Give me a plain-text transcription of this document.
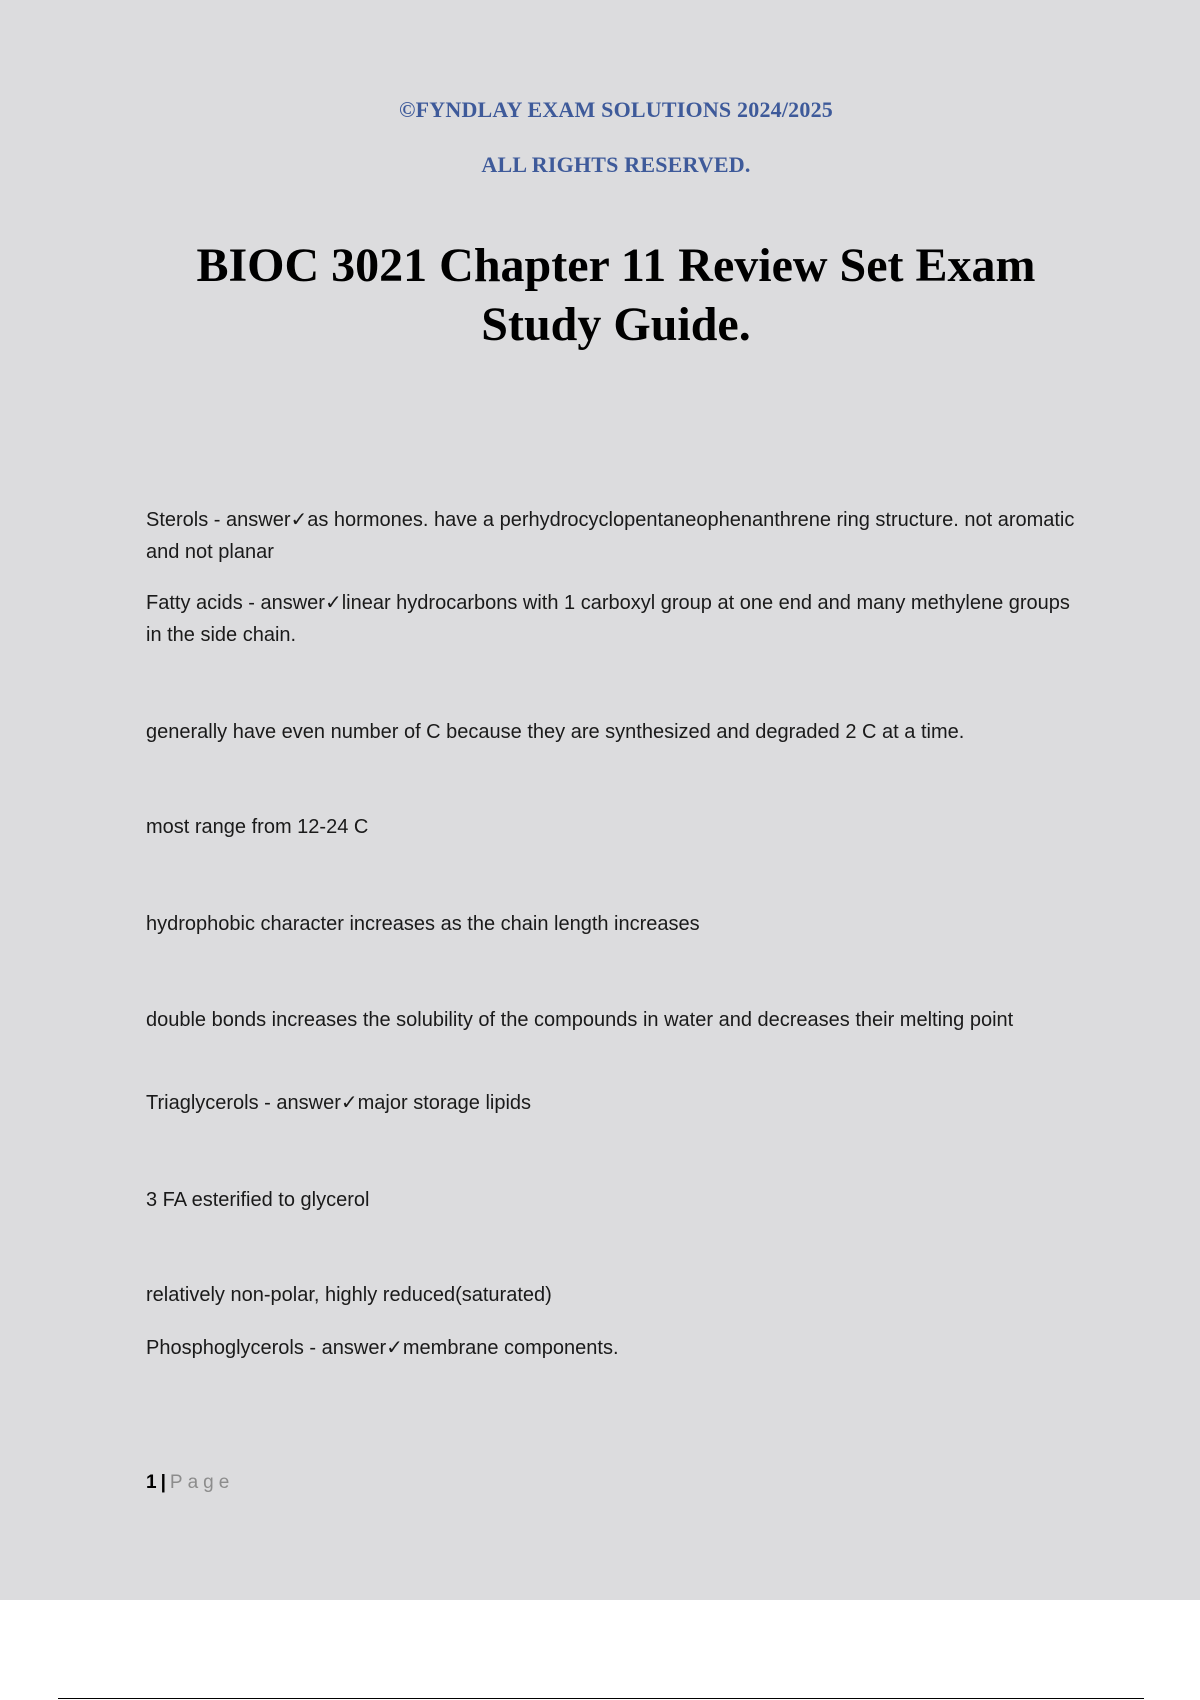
©FYNDLAY EXAM SOLUTIONS 2024/2025
ALL RIGHTS RESERVED.
BIOC 3021 Chapter 11 Review Set Exam
Study Guide.

Sterols - answer✓as hormones. have a perhydrocyclopentaneophenanthrene ring structure. not aromatic and not planar

Fatty acids - answer✓linear hydrocarbons with 1 carboxyl group at one end and many methylene groups in the side chain.

generally have even number of C because they are synthesized and degraded 2 C at a time.

most range from 12-24 C

hydrophobic character increases as the chain length increases

double bonds increases the solubility of the compounds in water and decreases their melting point

Triaglycerols - answer✓major storage lipids

3 FA esterified to glycerol

relatively non-polar, highly reduced(saturated)

Phosphoglycerols - answer✓membrane components.

1 | Page
